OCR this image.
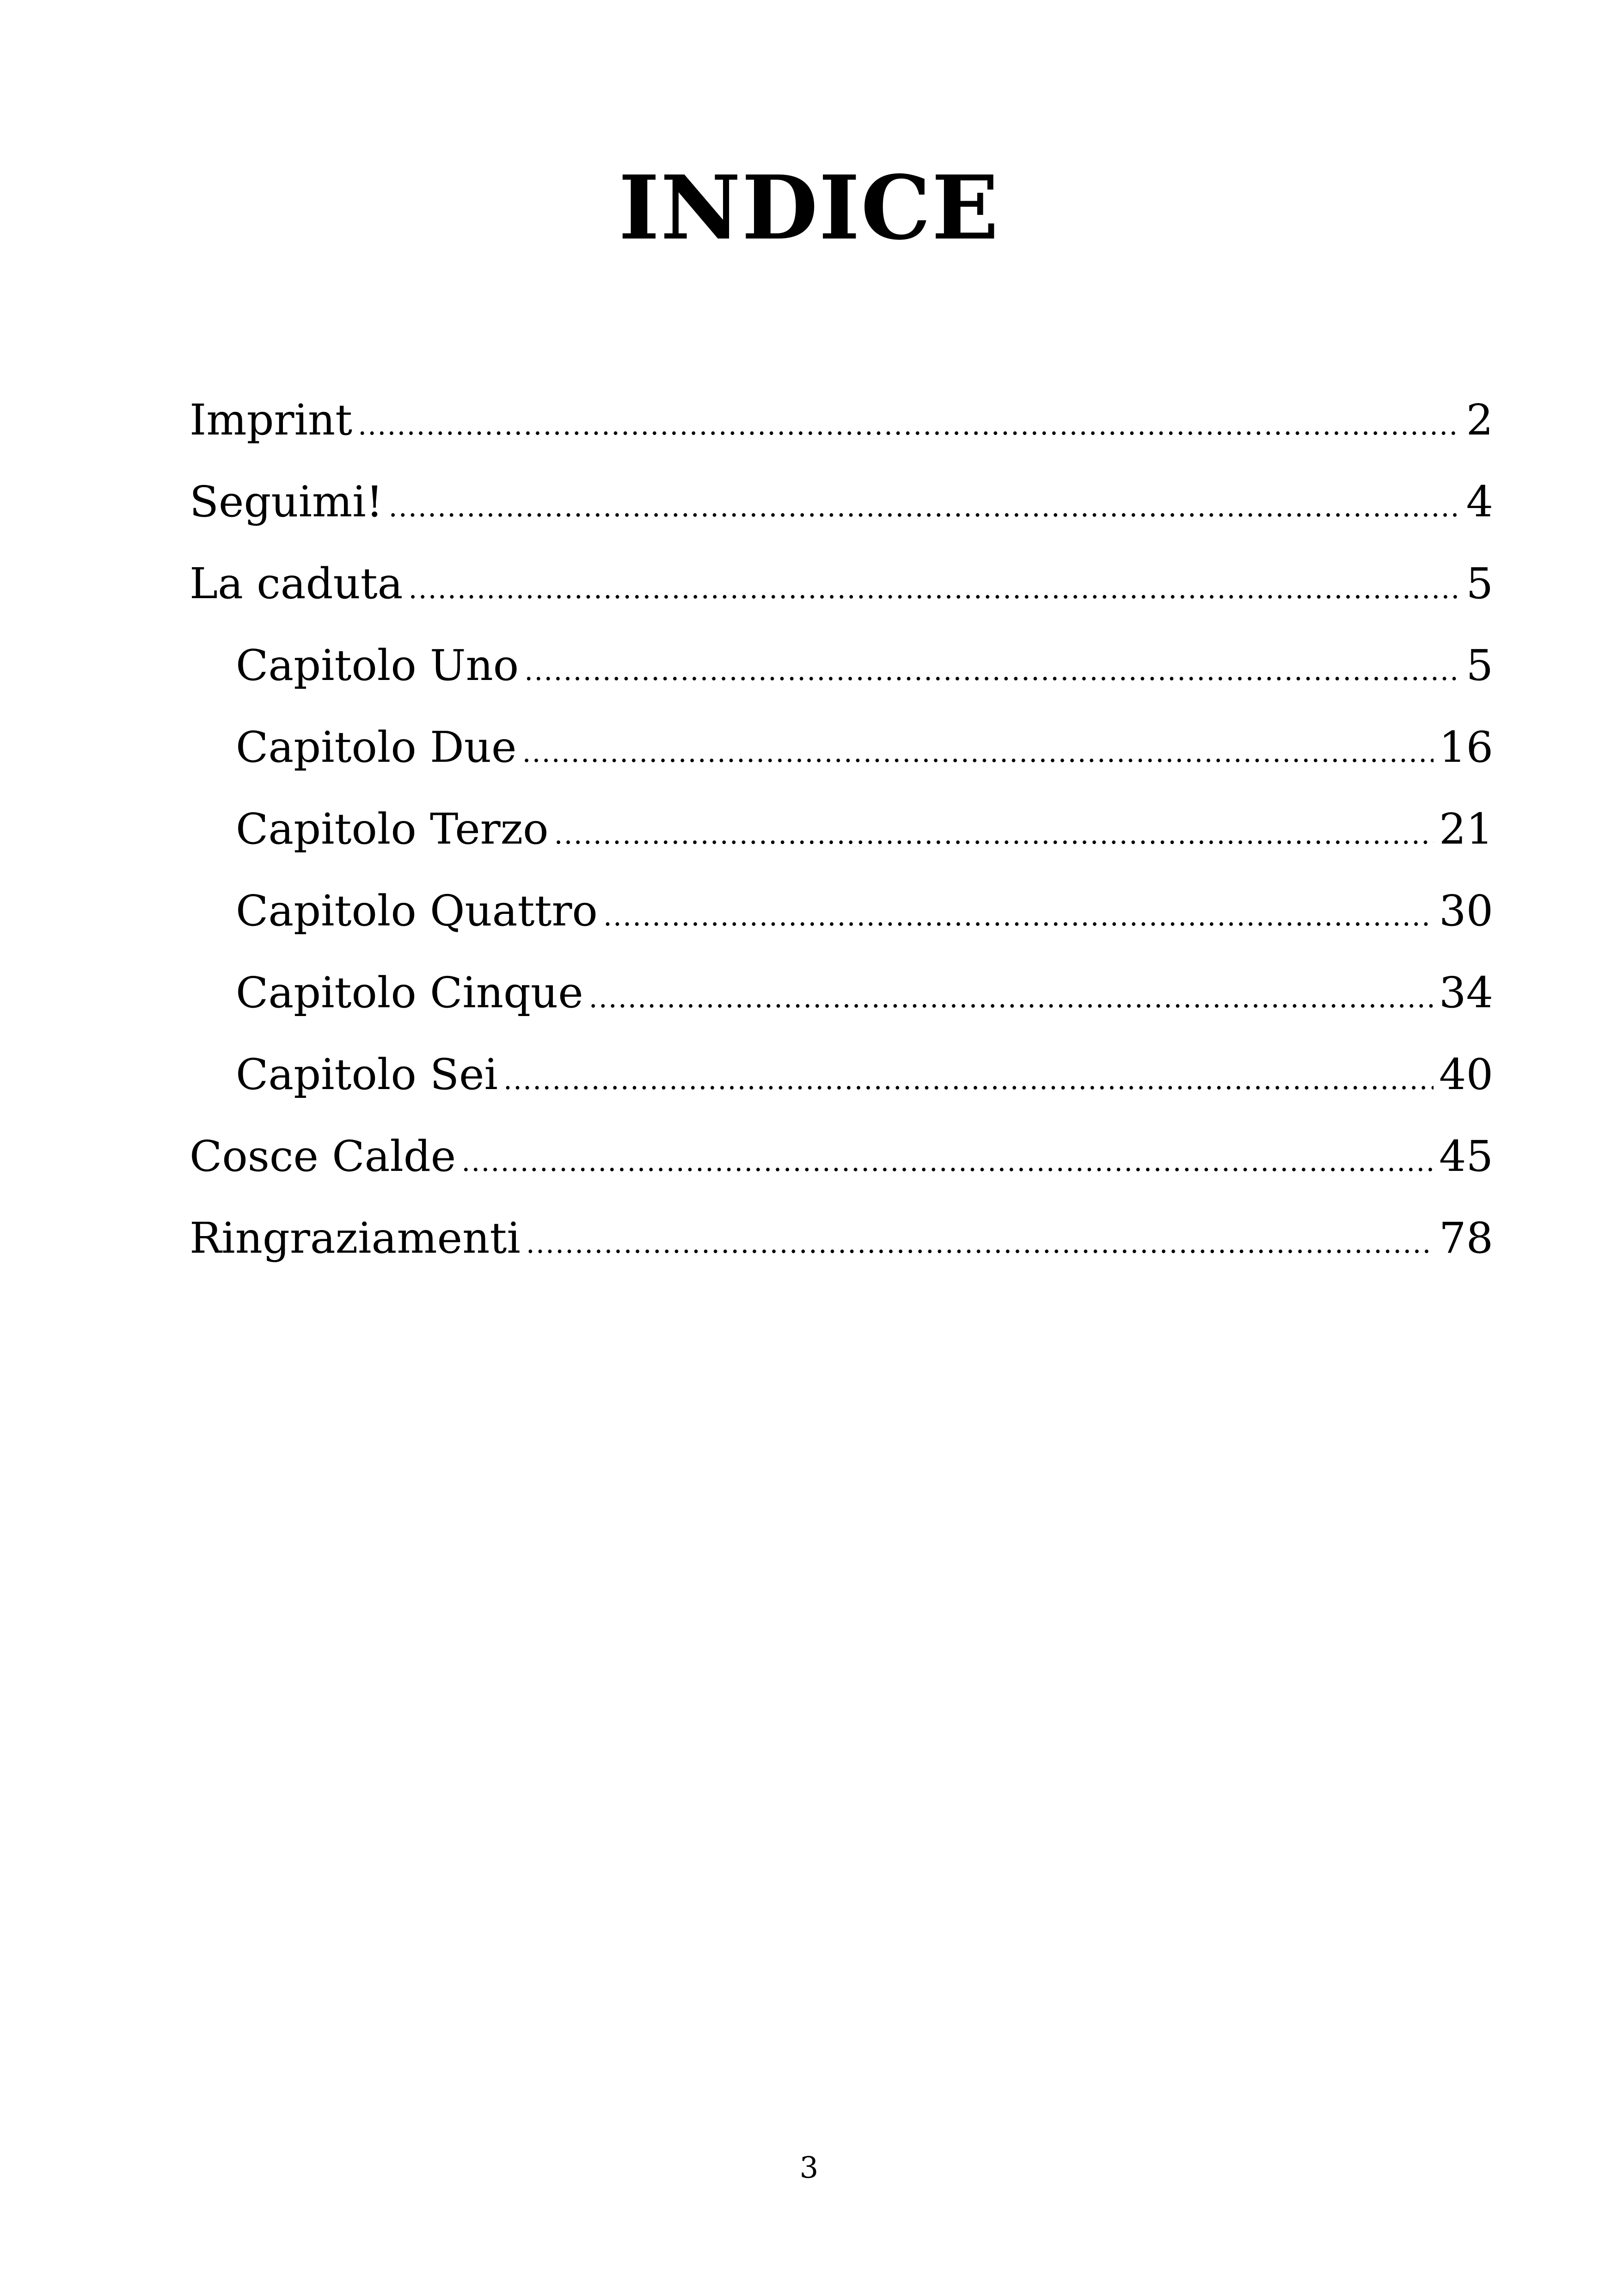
INDICE
Imprint .....	2
Seguimi! .....	4
La caduta .....	5
Capitolo Uno .....	5
Capitolo Due .....	16
Capitolo Terzo .....	21
Capitolo Quattro .....	30
Capitolo Cinque .....	34
Capitolo Sei .....	40
Cosce Calde .....	45
Ringraziamenti .....	78
3
